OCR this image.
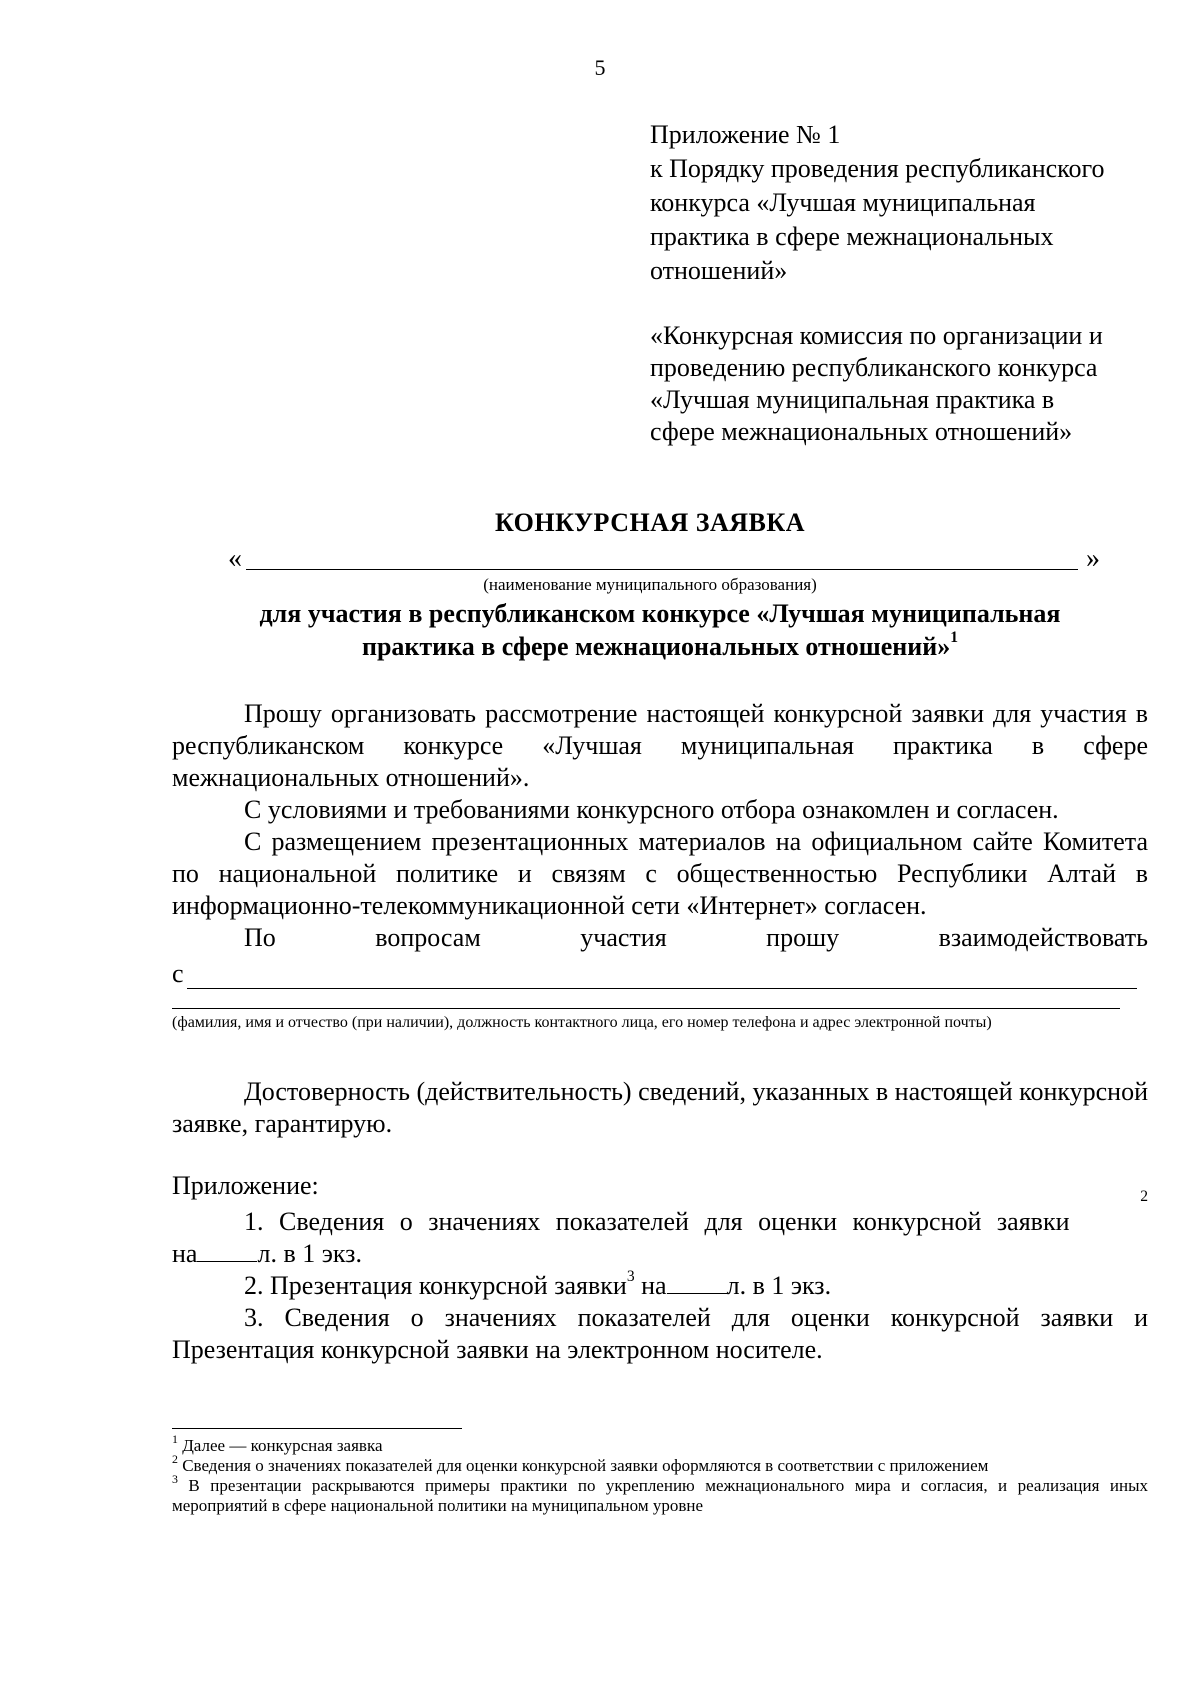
5
Приложение № 1
к Порядку проведения республиканского
конкурса «Лучшая муниципальная
практика в сфере межнациональных
отношений»
«Конкурсная комиссия по организации и
проведению республиканского конкурса
«Лучшая муниципальная практика в
сфере межнациональных отношений»
КОНКУРСНАЯ ЗАЯВКА
«	»
(наименование муниципального образования)
для участия в республиканском конкурсе «Лучшая муниципальная
практика в сфере межнациональных отношений»$^1$

Прошу организовать рассмотрение настоящей конкурсной заявки для участия в республиканском конкурсе «Лучшая муниципальная практика в сфере межнациональных отношений».

С условиями и требованиями конкурсного отбора ознакомлен и согласен.

С размещением презентационных материалов на официальном сайте Комитета по национальной политике и связям с общественностью Республики Алтай в информационно-телекоммуникационной сети «Интернет» согласен.

По	вопросам	участия	прошу	взаимодействовать
с
(фамилия, имя и отчество (при наличии), должность контактного лица, его номер телефона и адрес электронной почты)

Достоверность (действительность) сведений, указанных в настоящей конкурсной заявке, гарантирую.

Приложение:
1. Сведения о значениях показателей для оценки конкурсной заявки
$^2$
на л. в 1 экз.
2. Презентация конкурсной заявки$^3$ на л. в 1 экз.

3. Сведения о значениях показателей для оценки конкурсной заявки и Презентация конкурсной заявки на электронном носителе.

$^1$ Далее — конкурсная заявка
$^2$ Сведения о значениях показателей для оценки конкурсной заявки оформляются в соответствии с приложением
$^3$ В презентации раскрываются примеры практики по укреплению межнационального мира и согласия, и реализация иных мероприятий в сфере национальной политики на муниципальном уровне
